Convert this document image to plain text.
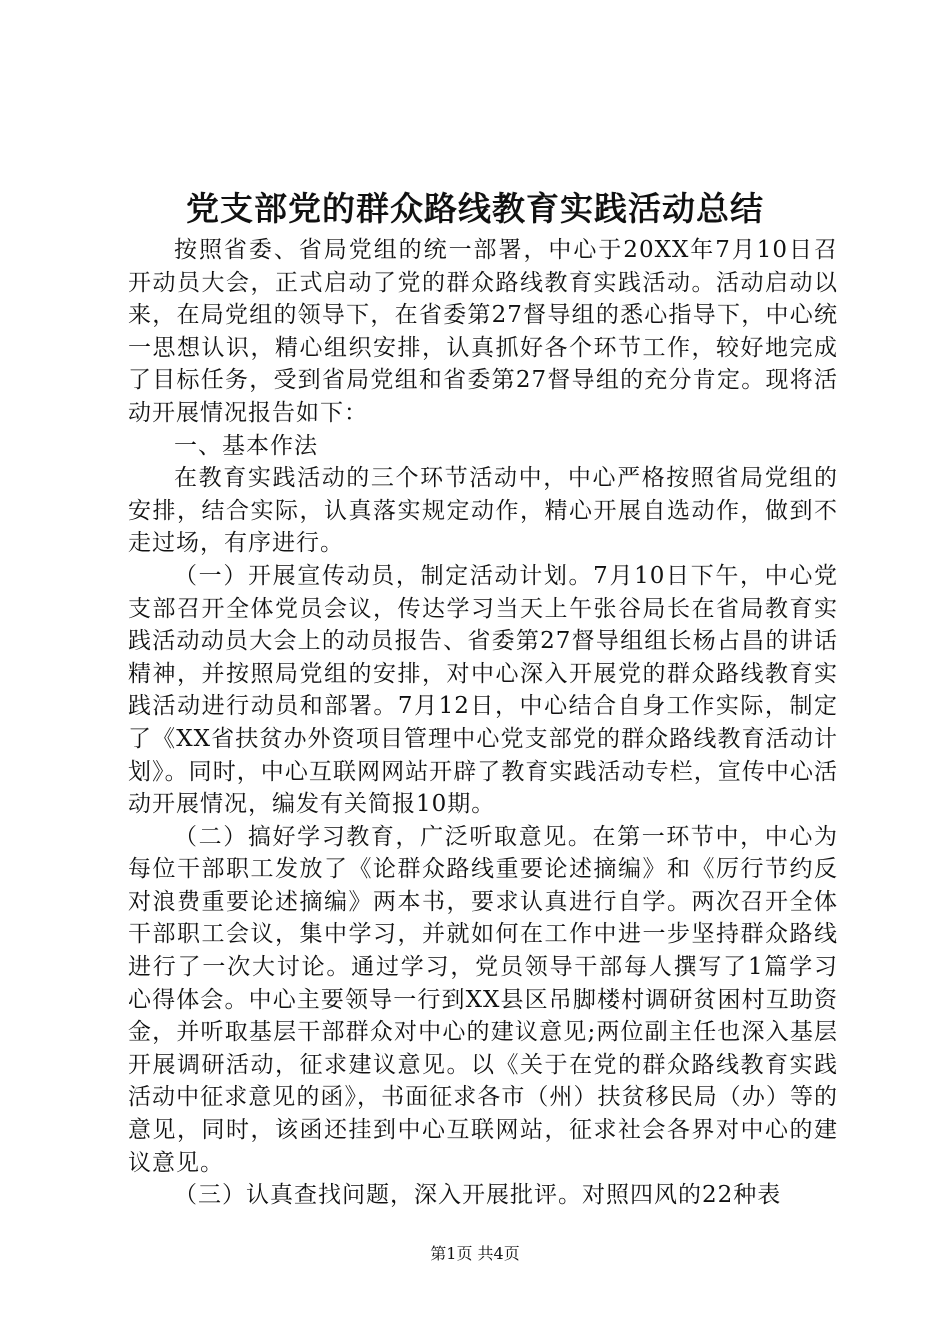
党支部党的群众路线教育实践活动总结

按照省委、省局党组的统一部署，中心于20XX年7月10日召开动员大会，正式启动了党的群众路线教育实践活动。活动启动以来，在局党组的领导下，在省委第27督导组的悉心指导下，中心统一思想认识，精心组织安排，认真抓好各个环节工作，较好地完成了目标任务，受到省局党组和省委第27督导组的充分肯定。现将活动开展情况报告如下：

一、基本作法

在教育实践活动的三个环节活动中，中心严格按照省局党组的安排，结合实际，认真落实规定动作，精心开展自选动作，做到不走过场，有序进行。

（一）开展宣传动员，制定活动计划。7月10日下午，中心党支部召开全体党员会议，传达学习当天上午张谷局长在省局教育实践活动动员大会上的动员报告、省委第27督导组组长杨占昌的讲话精神，并按照局党组的安排，对中心深入开展党的群众路线教育实践活动进行动员和部署。7月12日，中心结合自身工作实际，制定了《XX省扶贫办外资项目管理中心党支部党的群众路线教育活动计划》。同时，中心互联网网站开辟了教育实践活动专栏，宣传中心活动开展情况，编发有关简报10期。

（二）搞好学习教育，广泛听取意见。在第一环节中，中心为每位干部职工发放了《论群众路线重要论述摘编》和《厉行节约反对浪费重要论述摘编》两本书，要求认真进行自学。两次召开全体干部职工会议，集中学习，并就如何在工作中进一步坚持群众路线进行了一次大讨论。通过学习，党员领导干部每人撰写了1篇学习心得体会。中心主要领导一行到XX县区吊脚楼村调研贫困村互助资金，并听取基层干部群众对中心的建议意见;两位副主任也深入基层开展调研活动，征求建议意见。以《关于在党的群众路线教育实践活动中征求意见的函》，书面征求各市（州）扶贫移民局（办）等的意见，同时，该函还挂到中心互联网站，征求社会各界对中心的建议意见。

（三）认真查找问题，深入开展批评。对照四风的22种表

第1页 共4页
